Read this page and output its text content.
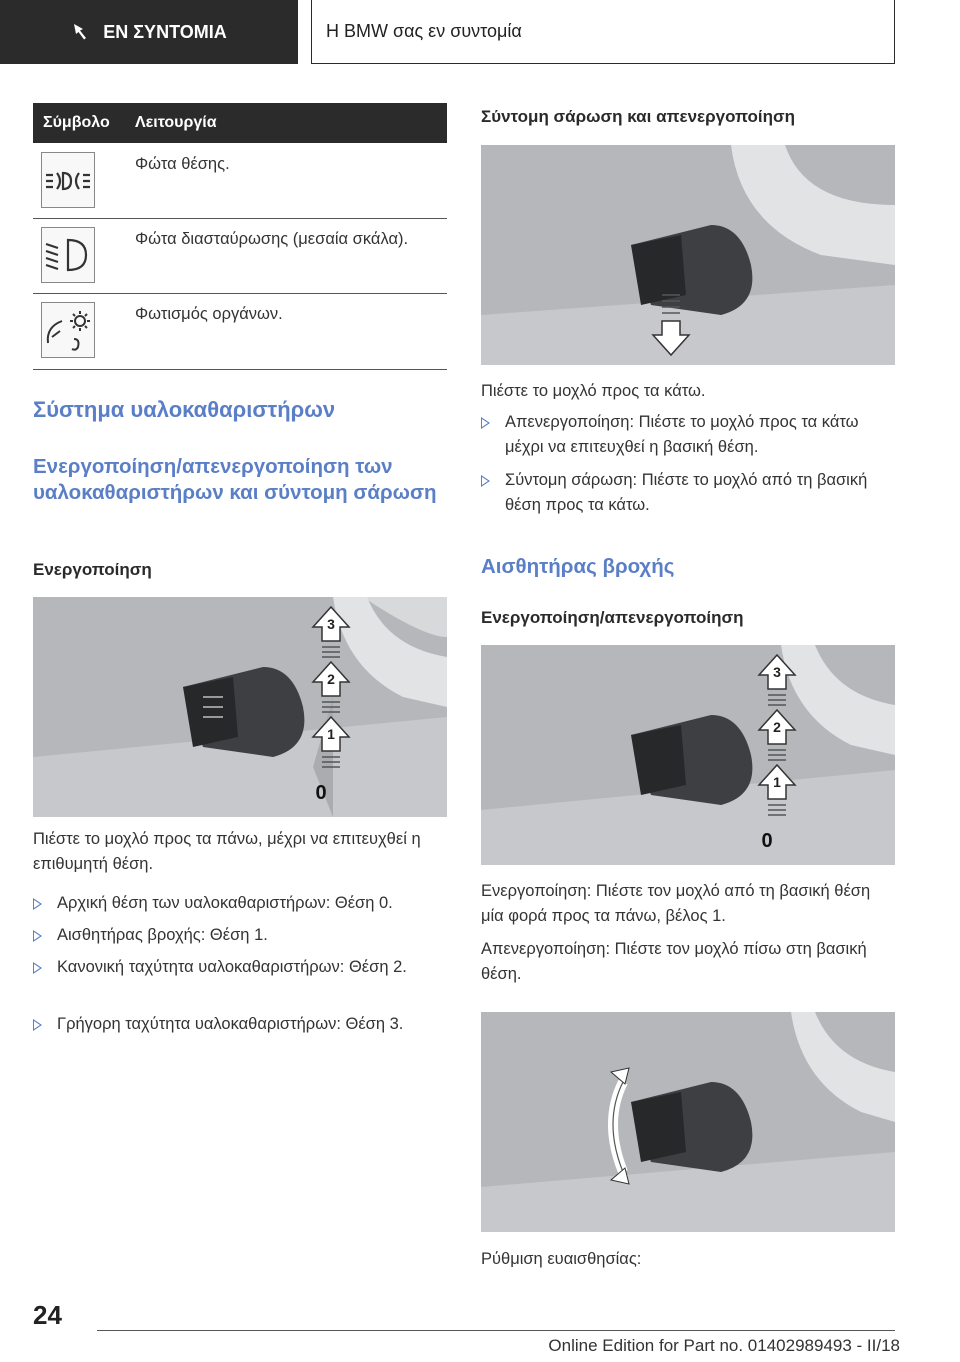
ΕΝ ΣΥΝΤΟΜΙΑ	Η BMW σας εν συντομία
Σύμβολο Λειτουργία
Φώτα θέσης.
Φώτα διασταύρωσης (μεσαία σκάλα).
Φωτισμός οργάνων.
Σύστημα υαλοκαθαριστήρων
Ενεργοποίηση/απενεργοποίηση των υαλοκαθαριστήρων και σύντομη σάρωση
Ενεργοποίηση
3
2
1
0

Πιέστε το μοχλό προς τα πάνω, μέχρι να επιτευχθεί η επιθυμητή θέση.

Αρχική θέση των υαλοκαθαριστήρων: Θέση 0.
Αισθητήρας βροχής: Θέση 1.
Κανονική ταχύτητα υαλοκαθαριστήρων: Θέση 2.
Γρήγορη ταχύτητα υαλοκαθαριστήρων: Θέση 3.
Σύντομη σάρωση και απενεργοποίηση

Πιέστε το μοχλό προς τα κάτω.

Απενεργοποίηση: Πιέστε το μοχλό προς τα κάτω μέχρι να επιτευχθεί η βασική θέση.
Σύντομη σάρωση: Πιέστε το μοχλό από τη βασική θέση προς τα κάτω.
Αισθητήρας βροχής
Ενεργοποίηση/απενεργοποίηση
3
2
1
0

Ενεργοποίηση: Πιέστε τον μοχλό από τη βασική θέση μία φορά προς τα πάνω, βέλος 1.

Απενεργοποίηση: Πιέστε τον μοχλό πίσω στη βασική θέση.

Ρύθμιση ευαισθησίας:

24
Online Edition for Part no. 01402989493 - II/18
